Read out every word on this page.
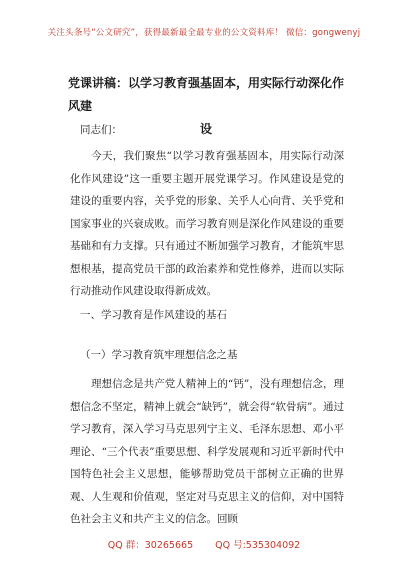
关注头条号“公文研究”，获得最新最全最专业的公文资料库！ 微信：gongwenyj
党课讲稿：以学习教育强基固本，用实际行动深化作风建
设
同志们：
今天，我们聚焦“以学习教育强基固本，用实际行动深化作风建设”这一重要主题开展党课学习。作风建设是党的建设的重要内容，关乎党的形象、关乎人心向背、关乎党和国家事业的兴衰成败。而学习教育则是深化作风建设的重要基础和有力支撑。只有通过不断加强学习教育，才能筑牢思想根基，提高党员干部的政治素养和党性修养，进而以实际行动推动作风建设取得新成效。
一、学习教育是作风建设的基石
（一）学习教育筑牢理想信念之基
理想信念是共产党人精神上的“钙”，没有理想信念，理想信念不坚定，精神上就会“缺钙”，就会得“软骨病”。通过学习教育，深入学习马克思列宁主义、毛泽东思想、邓小平理论、“三个代表”重要思想、科学发展观和习近平新时代中国特色社会主义思想，能够帮助党员干部树立正确的世界观、人生观和价值观，坚定对马克思主义的信仰，对中国特色社会主义和共产主义的信念。回顾
QQ 群：30265665 QQ 号:535304092
